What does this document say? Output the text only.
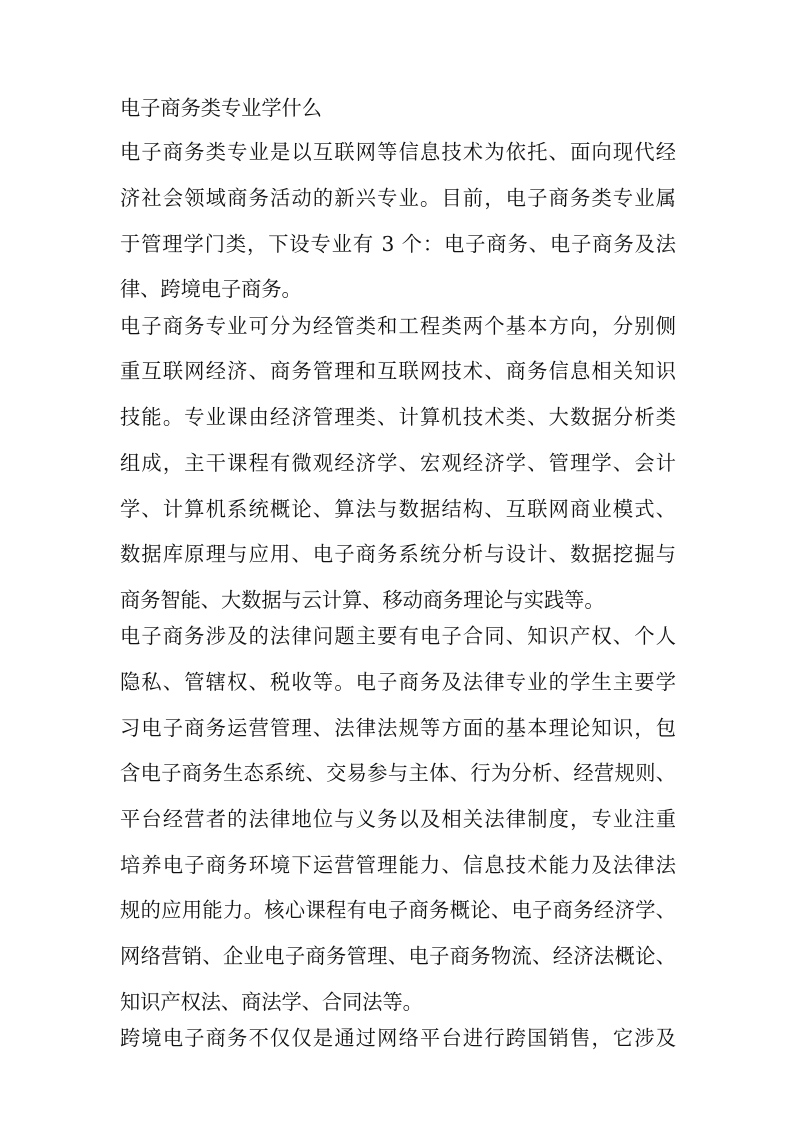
电子商务类专业学什么
电子商务类专业是以互联网等信息技术为依托、面向现代经
济社会领域商务活动的新兴专业。目前，电子商务类专业属
于管理学门类，下设专业有 3 个：电子商务、电子商务及法
律、跨境电子商务。
电子商务专业可分为经管类和工程类两个基本方向，分别侧
重互联网经济、商务管理和互联网技术、商务信息相关知识
技能。专业课由经济管理类、计算机技术类、大数据分析类
组成，主干课程有微观经济学、宏观经济学、管理学、会计
学、计算机系统概论、算法与数据结构、互联网商业模式、
数据库原理与应用、电子商务系统分析与设计、数据挖掘与
商务智能、大数据与云计算、移动商务理论与实践等。
电子商务涉及的法律问题主要有电子合同、知识产权、个人
隐私、管辖权、税收等。电子商务及法律专业的学生主要学
习电子商务运营管理、法律法规等方面的基本理论知识，包
含电子商务生态系统、交易参与主体、行为分析、经营规则、
平台经营者的法律地位与义务以及相关法律制度，专业注重
培养电子商务环境下运营管理能力、信息技术能力及法律法
规的应用能力。核心课程有电子商务概论、电子商务经济学、
网络营销、企业电子商务管理、电子商务物流、经济法概论、
知识产权法、商法学、合同法等。
跨境电子商务不仅仅是通过网络平台进行跨国销售，它涉及
